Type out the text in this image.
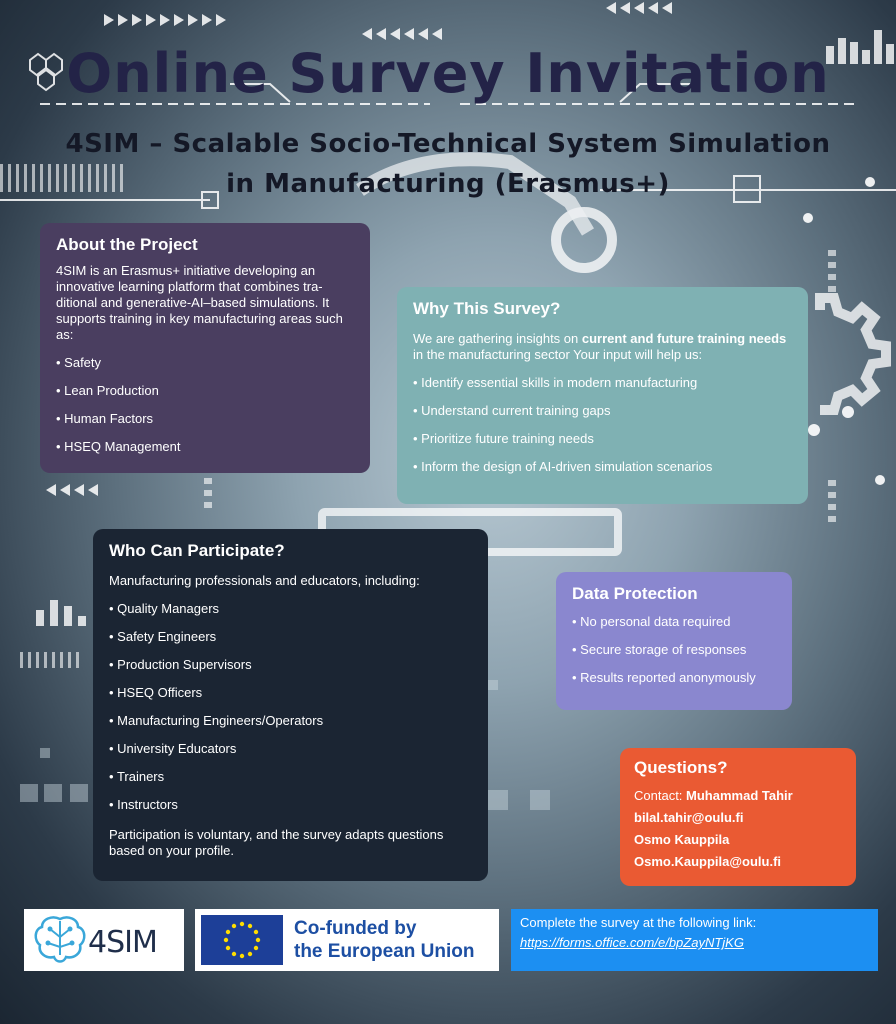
Online Survey Invitation
4SIM – Scalable Socio-Technical System Simulation
in Manufacturing (Erasmus+)
About the Project

4SIM is an Erasmus+ initiative developing an innovative learning platform that combines tra-ditional and generative-AI–based simulations. It supports training in key manufacturing areas such as:

• Safety
• Lean Production
• Human Factors
• HSEQ Management
Why This Survey?

We are gathering insights on current and future training needs in the manufacturing sector Your input will help us:

• Identify essential skills in modern manufacturing
• Understand current training gaps
• Prioritize future training needs
• Inform the design of AI-driven simulation scenarios
Who Can Participate?

Manufacturing professionals and educators, including:

• Quality Managers
• Safety Engineers
• Production Supervisors
• HSEQ Officers
• Manufacturing Engineers/Operators
• University Educators
• Trainers
• Instructors

Participation is voluntary, and the survey adapts questions based on your profile.

Data Protection
• No personal data required
• Secure storage of responses
• Results reported anonymously
Questions?
Contact: Muhammad Tahir
bilal.tahir@oulu.fi
Osmo Kauppila
Osmo.Kauppila@oulu.fi
4SIM	Co-funded by
the European Union
Complete the survey at the following link:
https://forms.office.com/e/bpZayNTjKG
